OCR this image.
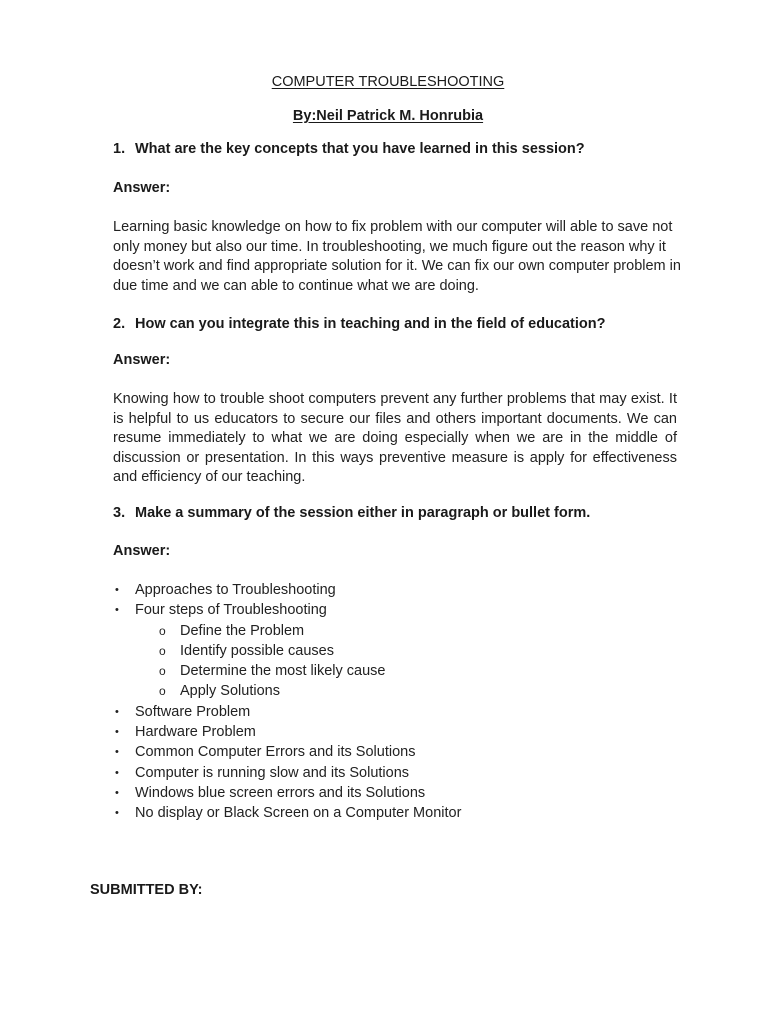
COMPUTER TROUBLESHOOTING
By:Neil Patrick M. Honrubia
1. What are the key concepts that you have learned in this session?
Answer:
Learning basic knowledge on how to fix problem with our computer will able to save not only money but also our time. In troubleshooting, we much figure out the reason why it doesn’t work and find appropriate solution for it. We can fix our own computer problem in due time and we can able to continue what we are doing.
2. How can you integrate this in teaching and in the field of education?
Answer:
Knowing how to trouble shoot computers prevent any further problems that may exist. It is helpful to us educators to secure our files and others important documents. We can resume immediately to what we are doing especially when we are in the middle of discussion or presentation. In this ways preventive measure is apply for effectiveness and efficiency of our teaching.
3. Make a summary of the session either in paragraph or bullet form.
Answer:
• Approaches to Troubleshooting
• Four steps of Troubleshooting
o Define the Problem
o Identify possible causes
o Determine the most likely cause
o Apply Solutions
• Software Problem
• Hardware Problem
• Common Computer Errors and its Solutions
• Computer is running slow and its Solutions
• Windows blue screen errors and its Solutions
• No display or Black Screen on a Computer Monitor
SUBMITTED BY:
